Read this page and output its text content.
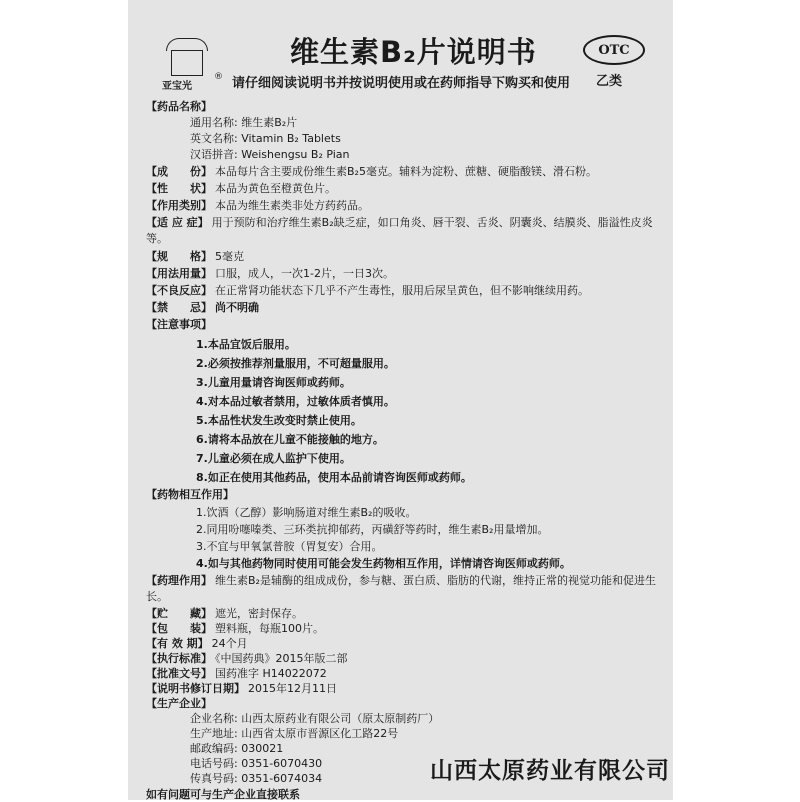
亚宝光
®
维生素B₂片说明书
请仔细阅读说明书并按说明使用或在药师指导下购买和使用
OTC
乙类
【药品名称】
通用名称: 维生素B₂片
英文名称: Vitamin B₂ Tablets
汉语拼音: Weishengsu B₂ Pian
【成　　份】 本品每片含主要成份维生素B₂5毫克。辅料为淀粉、蔗糖、硬脂酸镁、滑石粉。
【性　　状】 本品为黄色至橙黄色片。
【作用类别】 本品为维生素类非处方药药品。
【适 应 症】 用于预防和治疗维生素B₂缺乏症，如口角炎、唇干裂、舌炎、阴囊炎、结膜炎、脂溢性皮炎等。
【规　　格】 5毫克
【用法用量】 口服，成人，一次1-2片，一日3次。
【不良反应】 在正常肾功能状态下几乎不产生毒性，服用后尿呈黄色，但不影响继续用药。
【禁　　忌】 尚不明确
【注意事项】
1.本品宜饭后服用。
2.必须按推荐剂量服用，不可超量服用。
3.儿童用量请咨询医师或药师。
4.对本品过敏者禁用，过敏体质者慎用。
5.本品性状发生改变时禁止使用。
6.请将本品放在儿童不能接触的地方。
7.儿童必须在成人监护下使用。
8.如正在使用其他药品，使用本品前请咨询医师或药师。
【药物相互作用】
1.饮酒（乙醇）影响肠道对维生素B₂的吸收。
2.同用吩噻嗪类、三环类抗抑郁药，丙磺舒等药时，维生素B₂用量增加。
3.不宜与甲氧氯普胺（胃复安）合用。
4.如与其他药物同时使用可能会发生药物相互作用，详情请咨询医师或药师。
【药理作用】 维生素B₂是辅酶的组成成份，参与糖、蛋白质、脂肪的代谢，维持正常的视觉功能和促进生长。
【贮　　藏】 遮光，密封保存。
【包　　装】 塑料瓶，每瓶100片。
【有 效 期】 24个月
【执行标准】 《中国药典》2015年版二部
【批准文号】 国药准字 H14022072
【说明书修订日期】 2015年12月11日
【生产企业】
企业名称: 山西太原药业有限公司（原太原制药厂）
生产地址: 山西省太原市晋源区化工路22号
邮政编码: 030021
电话号码: 0351-6070430
传真号码: 0351-6074034
如有问题可与生产企业直接联系
山西太原药业有限公司
